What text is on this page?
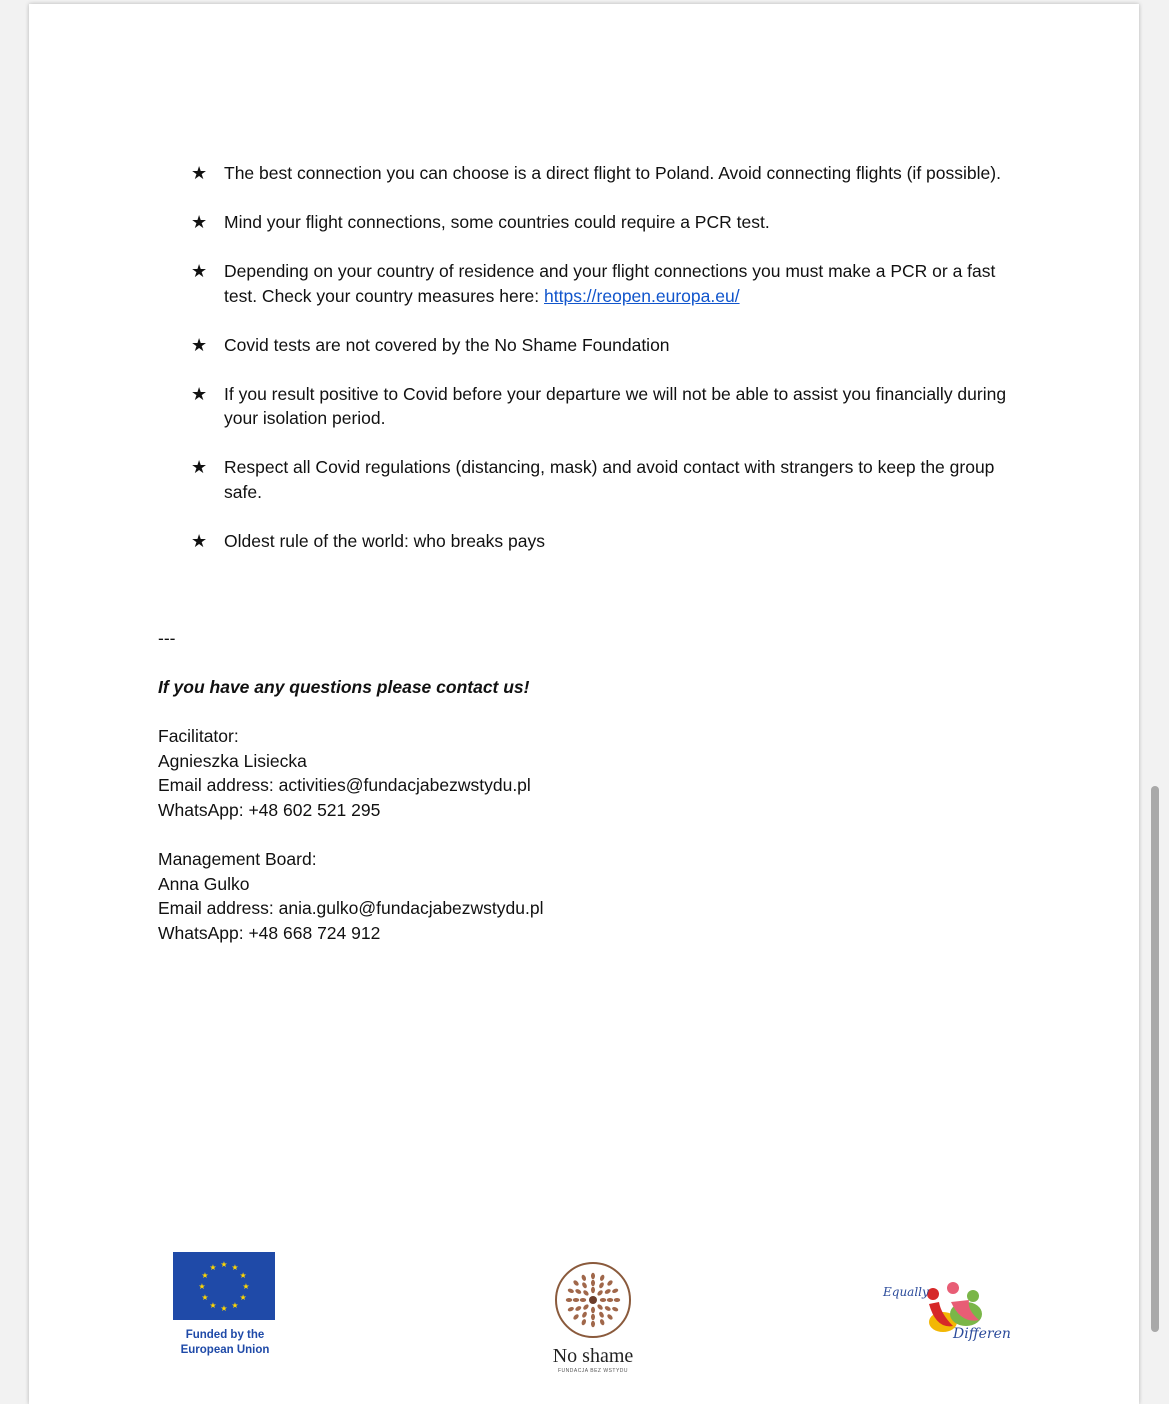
★ The best connection you can choose is a direct flight to Poland. Avoid connecting flights (if possible).
★ Mind your flight connections, some countries could require a PCR test.
★ Depending on your country of residence and your flight connections you must make a PCR or a fast test. Check your country measures here: https://reopen.europa.eu/
★ Covid tests are not covered by the No Shame Foundation
★ If you result positive to Covid before your departure we will not be able to assist you financially during your isolation period.
★ Respect all Covid regulations (distancing, mask) and avoid contact with strangers to keep the group safe.
★ Oldest rule of the world: who breaks pays
---
If you have any questions please contact us!
Facilitator:
Agnieszka Lisiecka
Email address: activities@fundacjabezwstydu.pl
WhatsApp: +48 602 521 295
Management Board:
Anna Gulko
Email address: ania.gulko@fundacjabezwstydu.pl
WhatsApp: +48 668 724 912
★ ★
★
★
★
★
★
★
★
★
★
★
Funded by the
European Union	No shame
FUNDACJA BEZ WSTYDU
Equally
Different
